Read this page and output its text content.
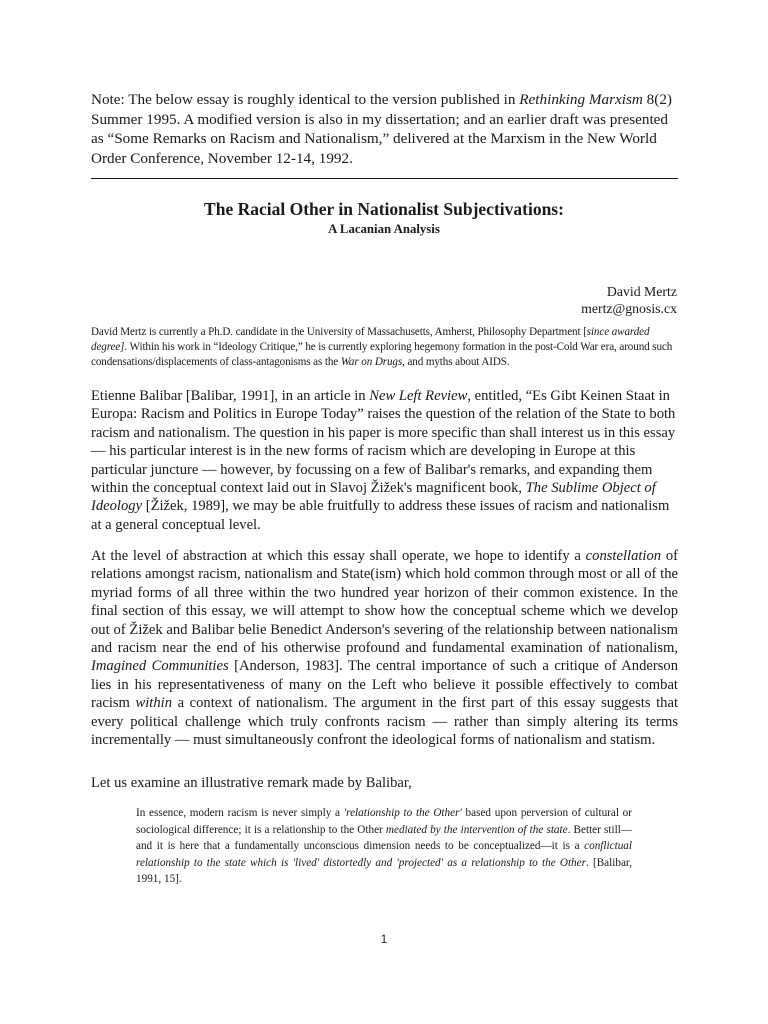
Note: The below essay is roughly identical to the version published in Rethinking Marxism 8(2) Summer 1995. A modified version is also in my dissertation; and an earlier draft was presented as “Some Remarks on Racism and Nationalism,” delivered at the Marxism in the New World Order Conference, November 12-14, 1992.

The Racial Other in Nationalist Subjectivations:
A Lacanian Analysis
David Mertz
mertz@gnosis.cx

David Mertz is currently a Ph.D. candidate in the University of Massachusetts, Amherst, Philosophy Department [since awarded degree]. Within his work in “Ideology Critique,” he is currently exploring hegemony formation in the post-Cold War era, around such condensations/displacements of class-antagonisms as the War on Drugs, and myths about AIDS.

Etienne Balibar [Balibar, 1991], in an article in New Left Review, entitled, “Es Gibt Keinen Staat in Europa: Racism and Politics in Europe Today” raises the question of the relation of the State to both racism and nationalism. The question in his paper is more specific than shall interest us in this essay — his particular interest is in the new forms of racism which are developing in Europe at this particular juncture — however, by focussing on a few of Balibar's remarks, and expanding them within the conceptual context laid out in Slavoj Žižek's magnificent book, The Sublime Object of Ideology [Žižek, 1989], we may be able fruitfully to address these issues of racism and nationalism at a general conceptual level.

At the level of abstraction at which this essay shall operate, we hope to identify a constellation of relations amongst racism, nationalism and State(ism) which hold common through most or all of the myriad forms of all three within the two hundred year horizon of their common existence. In the final section of this essay, we will attempt to show how the conceptual scheme which we develop out of Žižek and Balibar belie Benedict Anderson's severing of the relationship between nationalism and racism near the end of his otherwise profound and fundamental examination of nationalism, Imagined Communities [Anderson, 1983]. The central importance of such a critique of Anderson lies in his representativeness of many on the Left who believe it possible effectively to combat racism within a context of nationalism. The argument in the first part of this essay suggests that every political challenge which truly confronts racism — rather than simply altering its terms incrementally — must simultaneously confront the ideological forms of nationalism and statism.

Let us examine an illustrative remark made by Balibar,

In essence, modern racism is never simply a 'relationship to the Other' based upon perversion of cultural or sociological difference; it is a relationship to the Other mediated by the intervention of the state. Better still—and it is here that a fundamentally unconscious dimension needs to be conceptualized—it is a conflictual relationship to the state which is 'lived' distortedly and 'projected' as a relationship to the Other. [Balibar, 1991, 15].
1
